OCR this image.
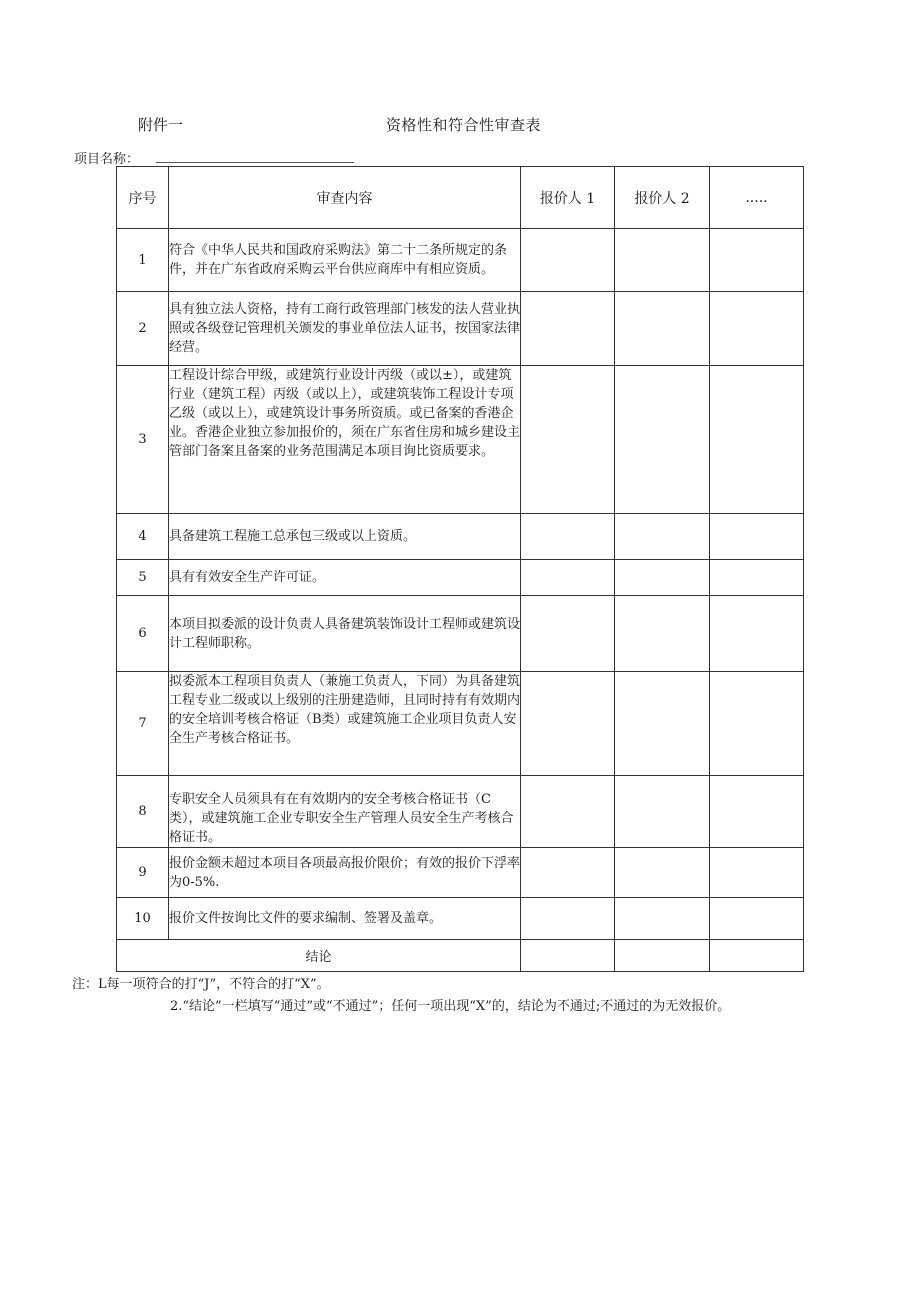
附件一	资格性和符合性审查表
项目名称：
序号	审查内容	报价人 1	报价人 2	.....
1	符合《中华人民共和国政府采购法》第二十二条所规定的条件，并在广东省政府采购云平台供应商库中有相应资质。			
2	具有独立法人资格，持有工商行政管理部门核发的法人营业执照或各级登记管理机关颁发的事业单位法人证书，按国家法律经营。			
3	工程设计综合甲级，或建筑行业设计丙级（或以±），或建筑行业（建筑工程）丙级（或以上），或建筑装饰工程设计专项乙级（或以上），或建筑设计事务所资质。或已备案的香港企业。香港企业独立参加报价的，须在广东省住房和城乡建设主管部门备案且备案的业务范围满足本项目询比资质要求。			
4	具备建筑工程施工总承包三级或以上资质。			
5	具有有效安全生产许可证。			
6	本项目拟委派的设计负责人具备建筑装饰设计工程师或建筑设计工程师职称。			
7	拟委派本工程项目负责人（兼施工负责人，下同）为具备建筑工程专业二级或以上级别的注册建造师，且同时持有有效期内的安全培训考核合格证（B类）或建筑施工企业项目负责人安全生产考核合格证书。			
8	专职安全人员须具有在有效期内的安全考核合格证书（C类），或建筑施工企业专职安全生产管理人员安全生产考核合格证书。			
9	报价金额未超过本项目各项最高报价限价；有效的报价下浮率为0-5%.			
10	报价文件按询比文件的要求编制、签署及盖章。			
结论				
注：L每一项符合的打“J”，不符合的打“X”。
2.“结论”一栏填写“通过”或“不通过”；任何一项出现“X”的，结论为不通过;不通过的为无效报价。
